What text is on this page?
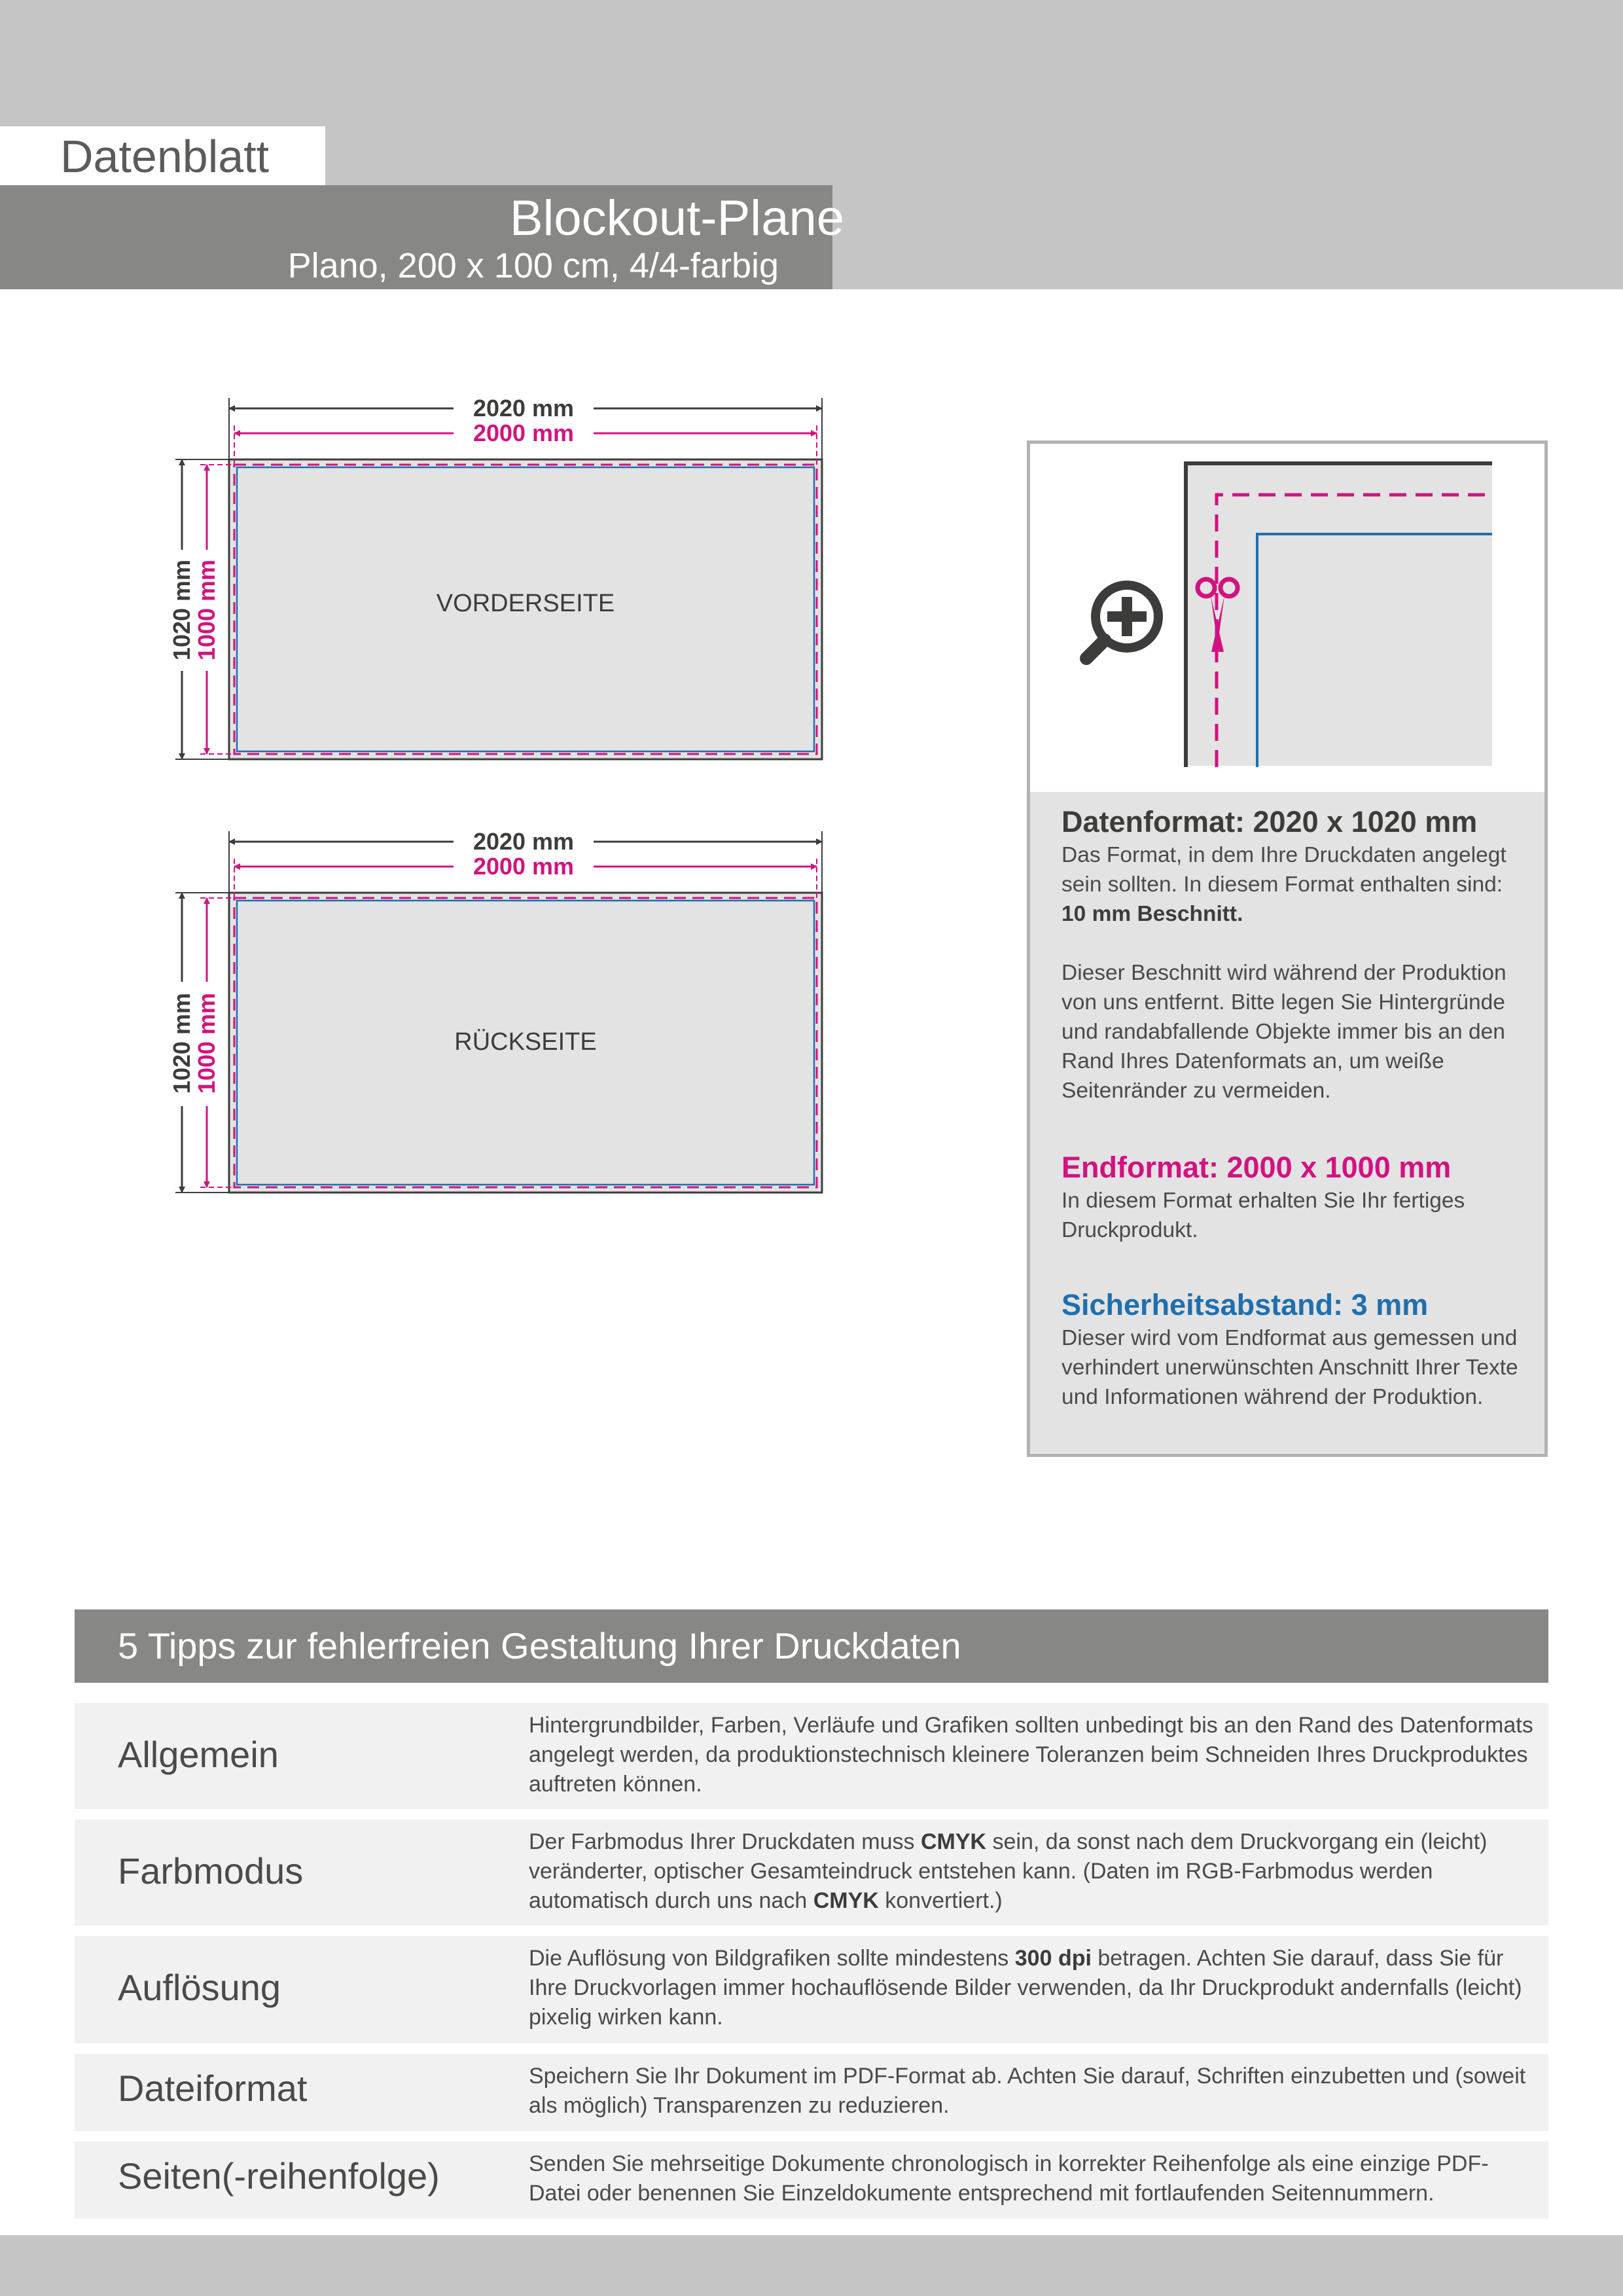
Datenblatt
Blockout-Plane
Plano, 200 x 100 cm, 4/4-farbig
VORDERSEITE
2020 mm
2000 mm
1020 mm
1000 mm
RÜCKSEITE
2020 mm
2000 mm
1020 mm
1000 mm
Datenformat: 2020 x 1020 mm
Das Format, in dem Ihre Druckdaten angelegt sein sollten. In diesem Format enthalten sind: 10 mm Beschnitt.
Dieser Beschnitt wird während der Produktion von uns entfernt. Bitte legen Sie Hintergründe und randabfallende Objekte immer bis an den Rand Ihres Datenformats an, um weiße Seitenränder zu vermeiden.
Endformat: 2000 x 1000 mm
In diesem Format erhalten Sie Ihr fertiges Druckprodukt.
Sicherheitsabstand: 3 mm
Dieser wird vom Endformat aus gemessen und verhindert unerwünschten Anschnitt Ihrer Texte und Informationen während der Produktion.
5 Tipps zur fehlerfreien Gestaltung Ihrer Druckdaten
Allgemein
Hintergrundbilder, Farben, Verläufe und Grafiken sollten unbedingt bis an den Rand des Datenformats angelegt werden, da produktionstechnisch kleinere Toleranzen beim Schneiden Ihres Druckproduktes auftreten können.
Farbmodus
Der Farbmodus Ihrer Druckdaten muss CMYK sein, da sonst nach dem Druckvorgang ein (leicht) veränderter, optischer Gesamteindruck entstehen kann. (Daten im RGB-Farbmodus werden automatisch durch uns nach CMYK konvertiert.)
Auflösung
Die Auflösung von Bildgrafiken sollte mindestens 300 dpi betragen. Achten Sie darauf, dass Sie für Ihre Druckvorlagen immer hochauflösende Bilder verwenden, da Ihr Druckprodukt andernfalls (leicht) pixelig wirken kann.
Dateiformat	Speichern Sie Ihr Dokument im PDF-Format ab. Achten Sie darauf, Schriften einzubetten und (soweit als möglich) Transparenzen zu reduzieren.
Seiten(-reihenfolge)	Senden Sie mehrseitige Dokumente chronologisch in korrekter Reihenfolge als eine einzige PDF-Datei oder benennen Sie Einzeldokumente entsprechend mit fortlaufenden Seitennummern.
